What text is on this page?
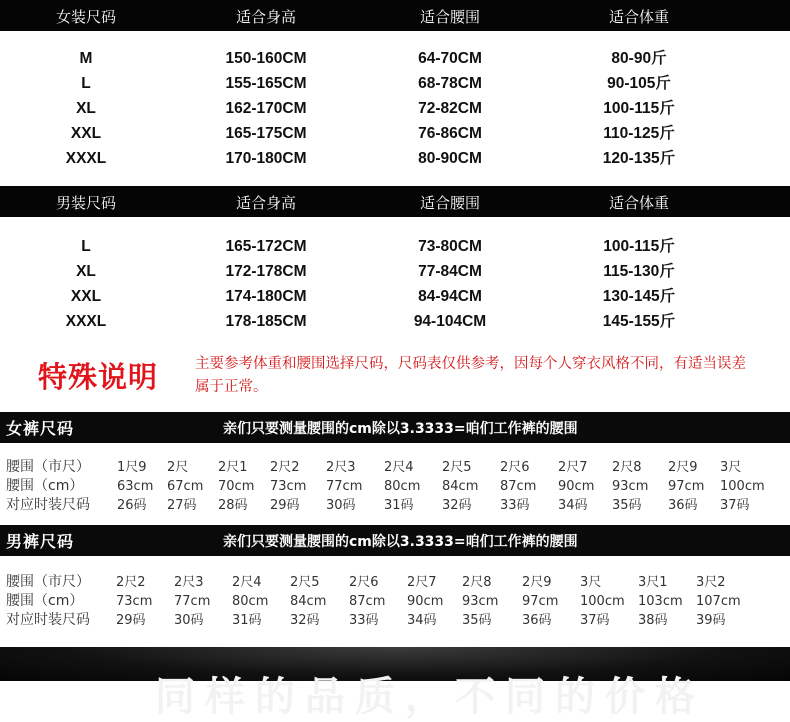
女装尺码	适合身高	适合腰围	适合体重
M	150-160CM	64-70CM	80-90斤
L	155-165CM	68-78CM	90-105斤
XL	162-170CM	72-82CM	100-115斤
XXL	165-175CM	76-86CM	110-125斤
XXXL	170-180CM	80-90CM	120-135斤
男装尺码	适合身高	适合腰围	适合体重
L	165-172CM	73-80CM	100-115斤
XL	172-178CM	77-84CM	115-130斤
XXL	174-180CM	84-94CM	130-145斤
XXXL	178-185CM	94-104CM	145-155斤
特殊说明	主要参考体重和腰围选择尺码，尺码表仅供参考，因每个人穿衣风格不同，有适当误差属于正常。
女裤尺码	亲们只要测量腰围的cm除以3.3333=咱们工作裤的腰围
腰围（市尺） 1尺9 2尺 2尺1 2尺2 2尺3 2尺4 2尺5 2尺6 2尺7 2尺8 2尺9 3尺
腰围（cm）	63cm 67cm 70cm 73cm 77cm 80cm 84cm 87cm 90cm 93cm 97cm 100cm
对应时装尺码 26码 27码 28码 29码 30码 31码 32码 33码 34码 35码 36码 37码
男裤尺码	亲们只要测量腰围的cm除以3.3333=咱们工作裤的腰围
腰围（市尺） 2尺2 2尺3 2尺4 2尺5 2尺6 2尺7 2尺8 2尺9 3尺	3尺1 3尺2
腰围（cm）	73cm 77cm 80cm 84cm 87cm 90cm 93cm 97cm 100cm 103cm 107cm
对应时装尺码 29码 30码 31码 32码 33码 34码 35码 36码 37码 38码 39码
同样的品质，不同的价格
